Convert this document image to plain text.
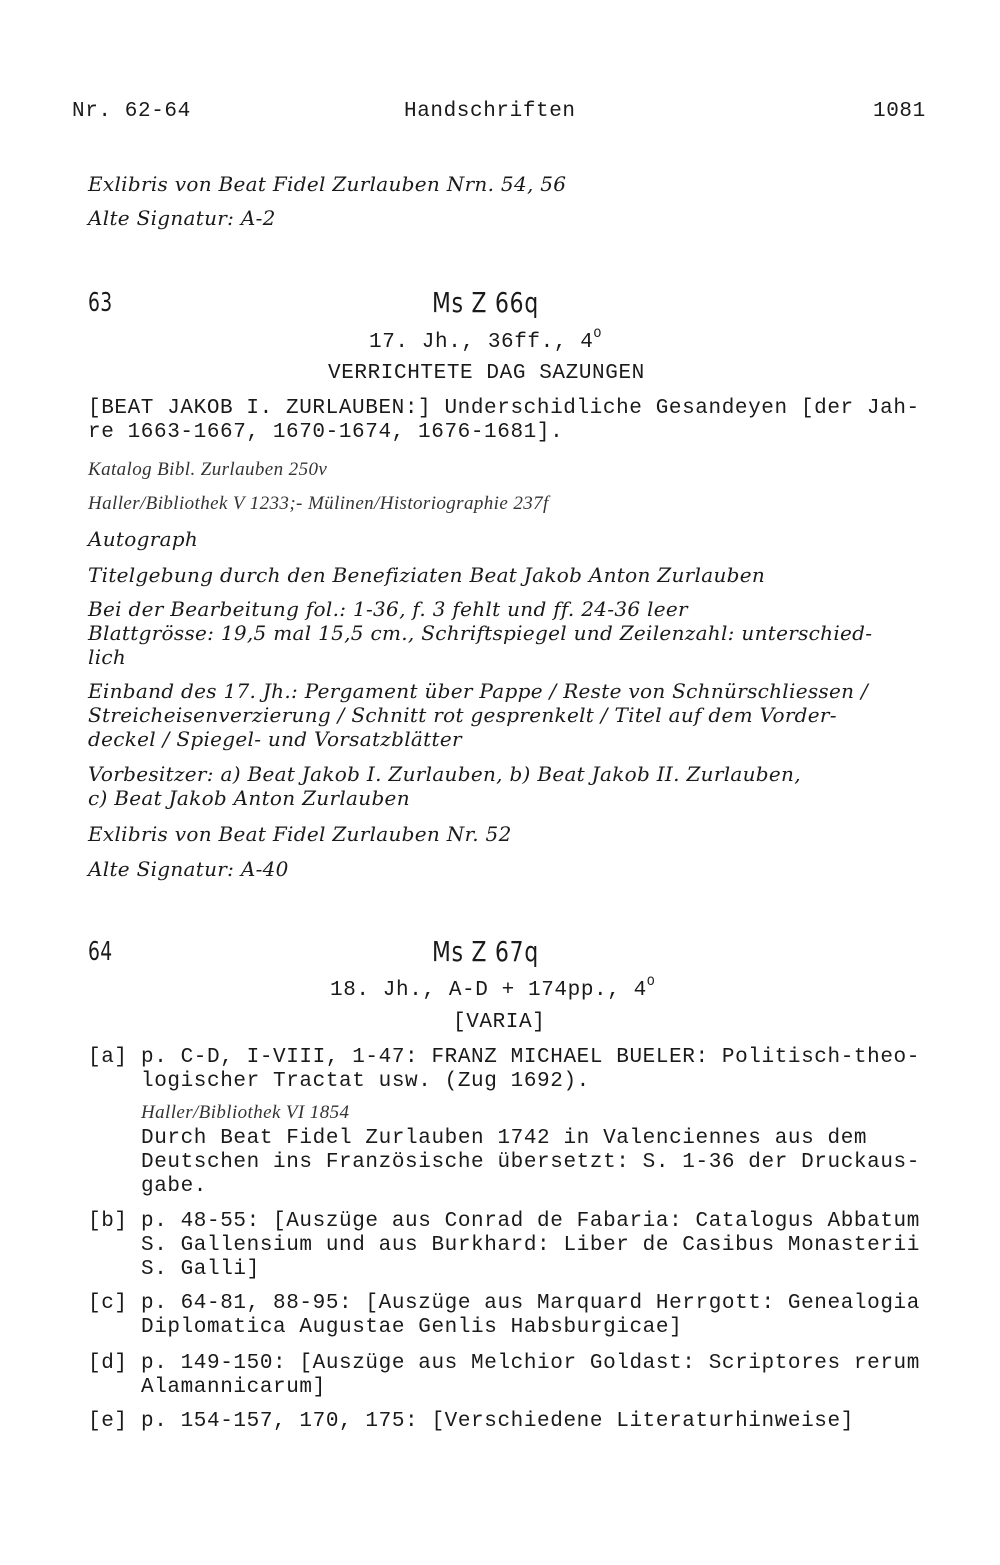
Nr. 62-64	Handschriften	1081
Exlibris von Beat Fidel Zurlauben Nrn. 54, 56
Alte Signatur: A-2
63	Ms Z 66q
17. Jh., 36ff., $4^O$
VERRICHTETE DAG SAZUNGEN
[BEAT JAKOB I. ZURLAUBEN:] Underschidliche Gesandeyen [der Jah-
re 1663-1667, 1670-1674, 1676-1681].
Katalog Bibl. Zurlauben 250v
Haller/Bibliothek V 1233;- Mülinen/Historiographie 237f
Autograph
Titelgebung durch den Benefiziaten Beat Jakob Anton Zurlauben
Bei der Bearbeitung fol.: 1-36, f. 3 fehlt und ff. 24-36 leer
Blattgrösse: 19,5 mal 15,5 cm., Schriftspiegel und Zeilenzahl: unterschied-
lich
Einband des 17. Jh.: Pergament über Pappe / Reste von Schnürschliessen /
Streicheisenverzierung / Schnitt rot gesprenkelt / Titel auf dem Vorder-
deckel / Spiegel- und Vorsatzblätter
Vorbesitzer: a) Beat Jakob I. Zurlauben, b) Beat Jakob II. Zurlauben,
c) Beat Jakob Anton Zurlauben
Exlibris von Beat Fidel Zurlauben Nr. 52
Alte Signatur: A-40
64	Ms Z 67q
18. Jh., A-D + 174pp., $4^O$
[VARIA]
[a] p. C-D, I-VIII, 1-47: FRANZ MICHAEL BUELER: Politisch-theo-
logischer Tractat usw. (Zug 1692).
Haller/Bibliothek VI 1854
Durch Beat Fidel Zurlauben 1742 in Valenciennes aus dem
Deutschen ins Französische übersetzt: S. 1-36 der Druckaus-
gabe.
[b] p. 48-55: [Auszüge aus Conrad de Fabaria: Catalogus Abbatum
S. Gallensium und aus Burkhard: Liber de Casibus Monasterii
S. Galli]
[c] p. 64-81, 88-95: [Auszüge aus Marquard Herrgott: Genealogia
Diplomatica Augustae Genlis Habsburgicae]
[d] p. 149-150: [Auszüge aus Melchior Goldast: Scriptores rerum
Alamannicarum]
[e] p. 154-157, 170, 175: [Verschiedene Literaturhinweise]
